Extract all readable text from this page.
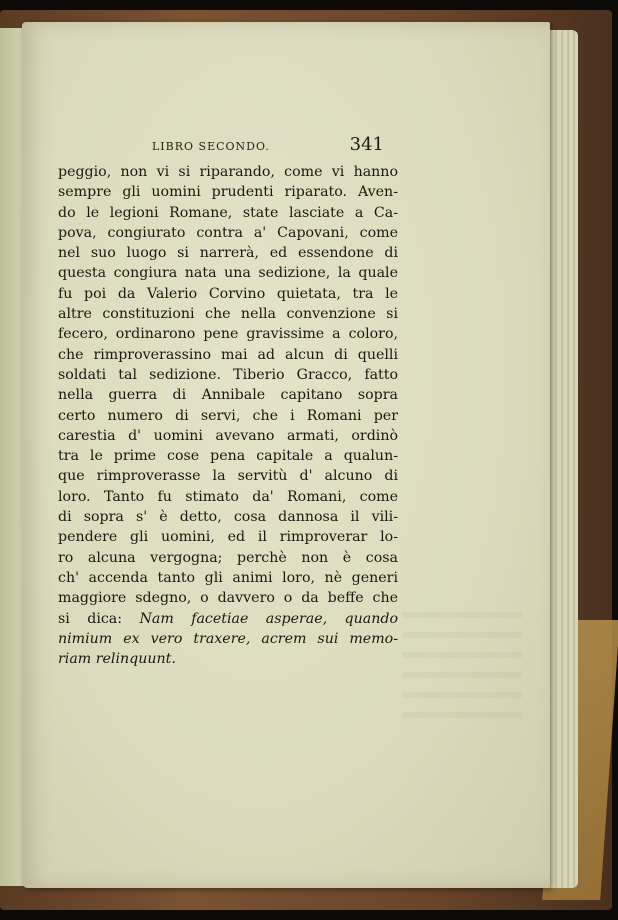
LIBRO SECONDO.	341
peggio, non vi si riparando, come vi hanno
sempre gli uomini prudenti riparato. Aven-
do le legioni Romane, state lasciate a Ca-
pova, congiurato contra a' Capovani, come
nel suo luogo si narrerà, ed essendone di
questa congiura nata una sedizione, la quale
fu poi da Valerio Corvino quietata, tra le
altre constituzioni che nella convenzione si
fecero, ordinarono pene gravissime a coloro,
che rimproverassino mai ad alcun di quelli
soldati tal sedizione. Tiberio Gracco, fatto
nella guerra di Annibale capitano sopra
certo numero di servi, che i Romani per
carestia d' uomini avevano armati, ordinò
tra le prime cose pena capitale a qualun-
que rimproverasse la servitù d' alcuno di
loro. Tanto fu stimato da' Romani, come
di sopra s' è detto, cosa dannosa il vili-
pendere gli uomini, ed il rimproverar lo-
ro alcuna vergogna; perchè non è cosa
ch' accenda tanto gli animi loro, nè generi
maggiore sdegno, o davvero o da beffe che
si dica: Nam facetiae asperae, quando
nimium ex vero traxere, acrem sui memo-
riam relinquunt.
